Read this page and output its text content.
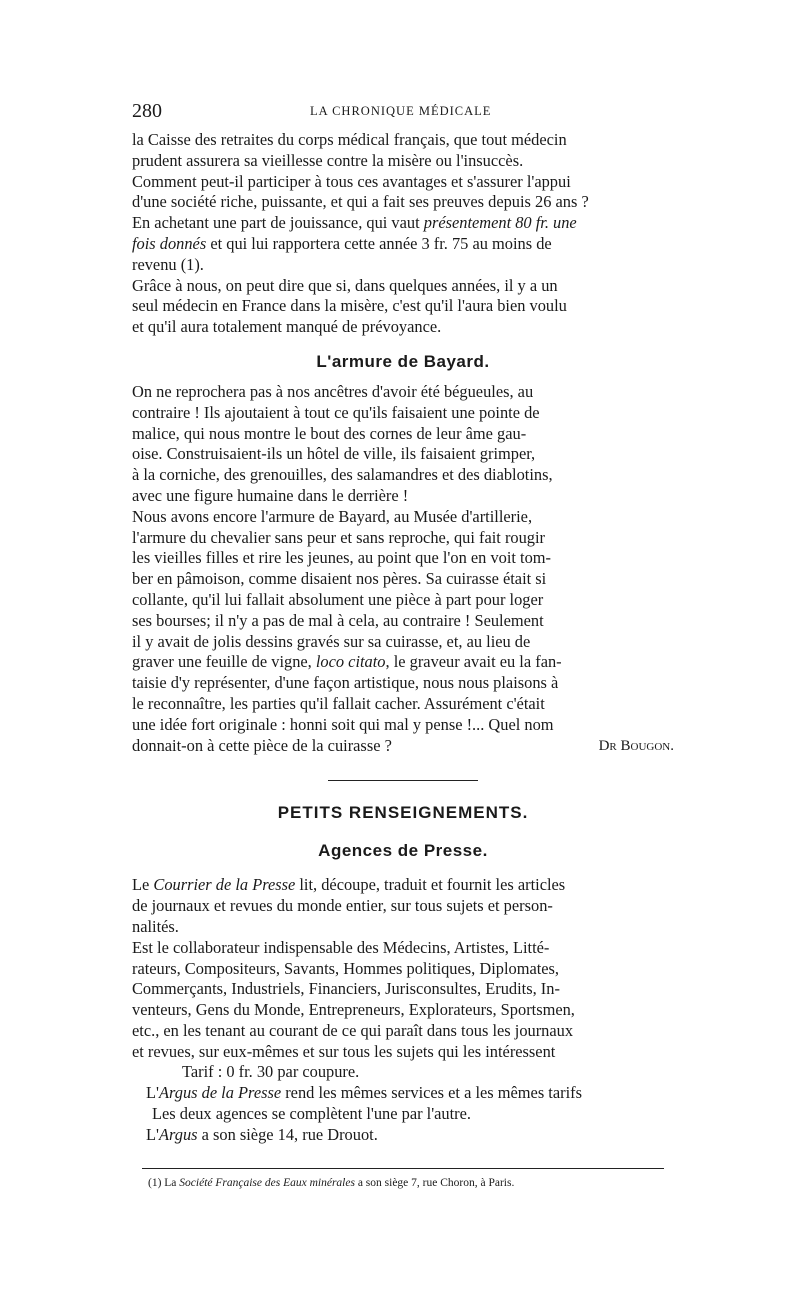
280	LA CHRONIQUE MÉDICALE
la Caisse des retraites du corps médical français, que tout médecin
prudent assurera sa vieillesse contre la misère ou l'insuccès.
Comment peut-il participer à tous ces avantages et s'assurer l'appui
d'une société riche, puissante, et qui a fait ses preuves depuis 26 ans ?
En achetant une part de jouissance, qui vaut présentement 80 fr. une
fois donnés et qui lui rapportera cette année 3 fr. 75 au moins de
revenu (1).
Grâce à nous, on peut dire que si, dans quelques années, il y a un
seul médecin en France dans la misère, c'est qu'il l'aura bien voulu
et qu'il aura totalement manqué de prévoyance.

L'armure de Bayard.

On ne reprochera pas à nos ancêtres d'avoir été bégueules, au
contraire ! Ils ajoutaient à tout ce qu'ils faisaient une pointe de
malice, qui nous montre le bout des cornes de leur âme gau-
oise. Construisaient-ils un hôtel de ville, ils faisaient grimper,
à la corniche, des grenouilles, des salamandres et des diablotins,
avec une figure humaine dans le derrière !
Nous avons encore l'armure de Bayard, au Musée d'artillerie,
l'armure du chevalier sans peur et sans reproche, qui fait rougir
les vieilles filles et rire les jeunes, au point que l'on en voit tom-
ber en pâmoison, comme disaient nos pères. Sa cuirasse était si
collante, qu'il lui fallait absolument une pièce à part pour loger
ses bourses; il n'y a pas de mal à cela, au contraire ! Seulement
il y avait de jolis dessins gravés sur sa cuirasse, et, au lieu de
graver une feuille de vigne, loco citato, le graveur avait eu la fan-
taisie d'y représenter, d'une façon artistique, nous nous plaisons à
le reconnaître, les parties qu'il fallait cacher. Assurément c'était
une idée fort originale : honni soit qui mal y pense !... Quel nom
donnait-on à cette pièce de la cuirasse ?	Dr Bougon.

PETITS RENSEIGNEMENTS.

Agences de Presse.

Le Courrier de la Presse lit, découpe, traduit et fournit les articles
de journaux et revues du monde entier, sur tous sujets et person-
nalités.
Est le collaborateur indispensable des Médecins, Artistes, Litté-
rateurs, Compositeurs, Savants, Hommes politiques, Diplomates,
Commerçants, Industriels, Financiers, Jurisconsultes, Erudits, In-
venteurs, Gens du Monde, Entrepreneurs, Explorateurs, Sportsmen,
etc., en les tenant au courant de ce qui paraît dans tous les journaux
et revues, sur eux-mêmes et sur tous les sujets qui les intéressent
Tarif : 0 fr. 30 par coupure.
L'Argus de la Presse rend les mêmes services et a les mêmes tarifs
Les deux agences se complètent l'une par l'autre.
L'Argus a son siège 14, rue Drouot.
(1) La Société Française des Eaux minérales a son siège 7, rue Choron, à Paris.
